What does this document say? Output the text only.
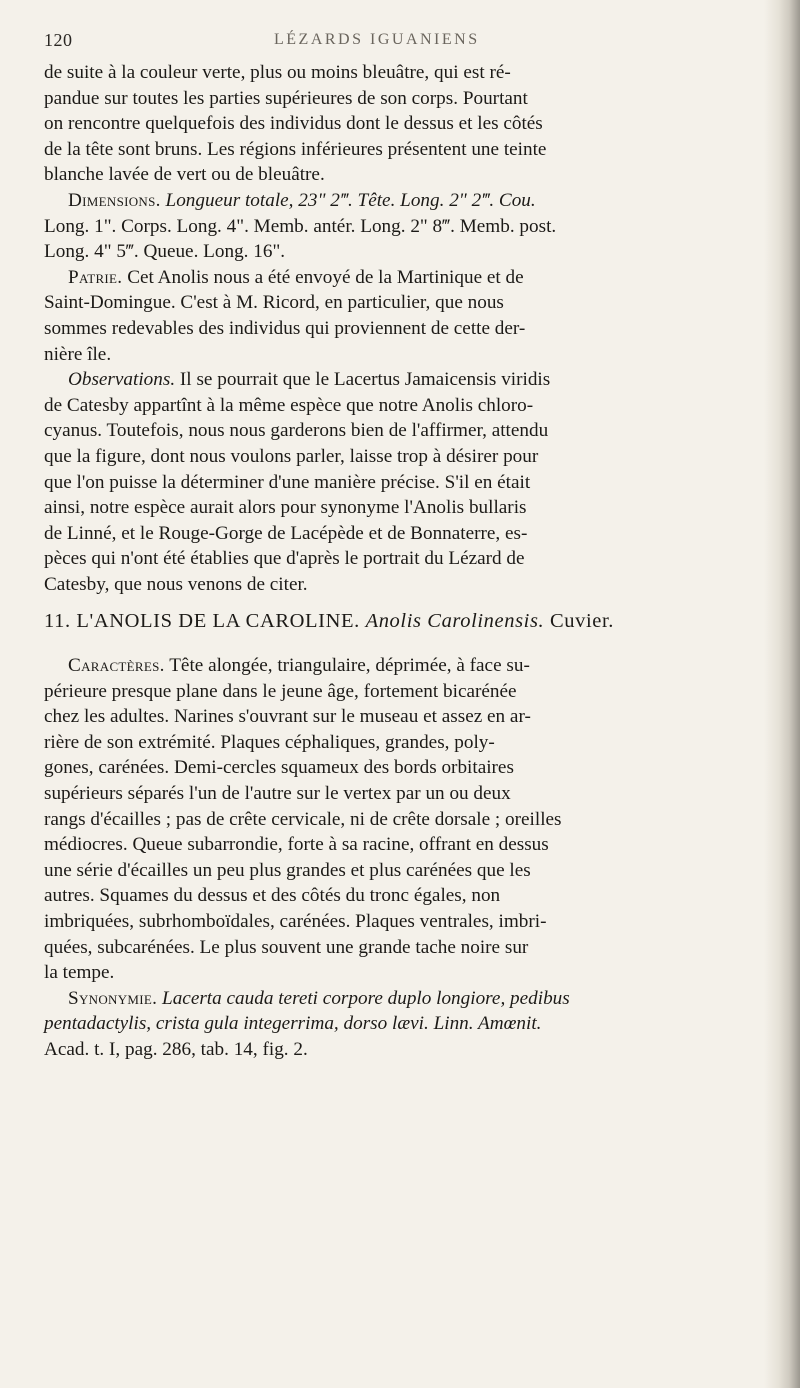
120	LÉZARDS IGUANIENS
de suite à la couleur verte, plus ou moins bleuâtre, qui est ré-
pandue sur toutes les parties supérieures de son corps. Pourtant
on rencontre quelquefois des individus dont le dessus et les côtés
de la tête sont bruns. Les régions inférieures présentent une teinte
blanche lavée de vert ou de bleuâtre.
Dimensions. Longueur totale, 23" 2‴. Tête. Long. 2" 2‴. Cou.
Long. 1". Corps. Long. 4". Memb. antér. Long. 2" 8‴. Memb. post.
Long. 4" 5‴. Queue. Long. 16".
Patrie. Cet Anolis nous a été envoyé de la Martinique et de
Saint-Domingue. C'est à M. Ricord, en particulier, que nous
sommes redevables des individus qui proviennent de cette der-
nière île.
Observations. Il se pourrait que le Lacertus Jamaicensis viridis
de Catesby appartînt à la même espèce que notre Anolis chloro-
cyanus. Toutefois, nous nous garderons bien de l'affirmer, attendu
que la figure, dont nous voulons parler, laisse trop à désirer pour
que l'on puisse la déterminer d'une manière précise. S'il en était
ainsi, notre espèce aurait alors pour synonyme l'Anolis bullaris
de Linné, et le Rouge-Gorge de Lacépède et de Bonnaterre, es-
pèces qui n'ont été établies que d'après le portrait du Lézard de
Catesby, que nous venons de citer.
11. L'ANOLIS DE LA CAROLINE. Anolis Carolinensis. Cuvier.
Caractères. Tête alongée, triangulaire, déprimée, à face su-
périeure presque plane dans le jeune âge, fortement bicarénée
chez les adultes. Narines s'ouvrant sur le museau et assez en ar-
rière de son extrémité. Plaques céphaliques, grandes, poly-
gones, carénées. Demi-cercles squameux des bords orbitaires
supérieurs séparés l'un de l'autre sur le vertex par un ou deux
rangs d'écailles ; pas de crête cervicale, ni de crête dorsale ; oreilles
médiocres. Queue subarrondie, forte à sa racine, offrant en dessus
une série d'écailles un peu plus grandes et plus carénées que les
autres. Squames du dessus et des côtés du tronc égales, non
imbriquées, subrhomboïdales, carénées. Plaques ventrales, imbri-
quées, subcarénées. Le plus souvent une grande tache noire sur
la tempe.
Synonymie. Lacerta cauda tereti corpore duplo longiore, pedibus
pentadactylis, crista gula integerrima, dorso lævi. Linn. Amœnit.
Acad. t. I, pag. 286, tab. 14, fig. 2.
